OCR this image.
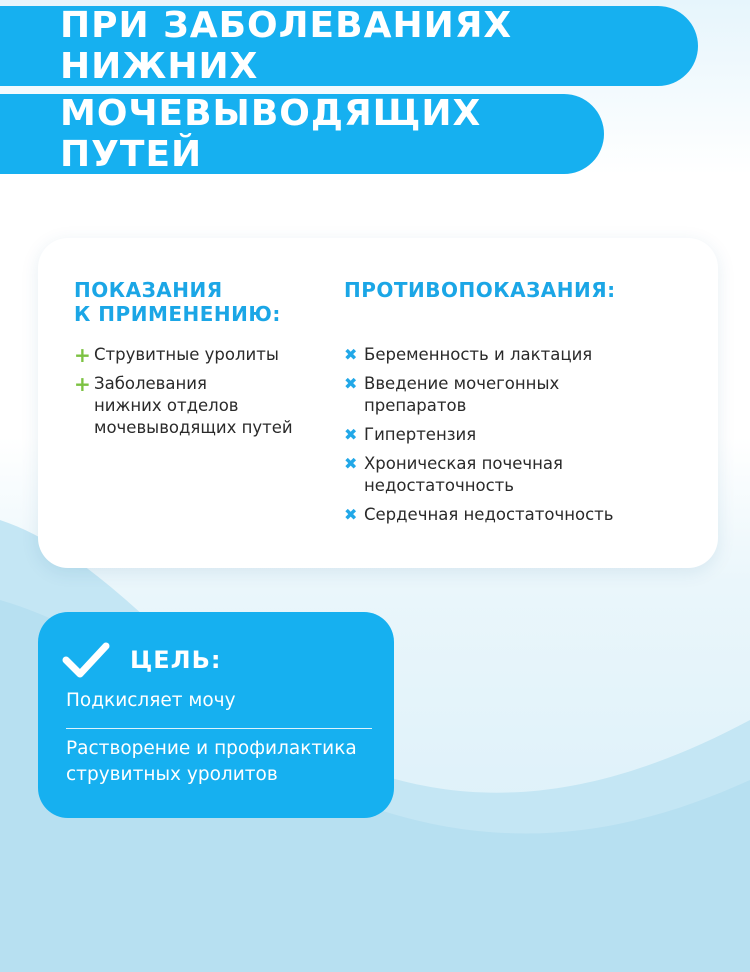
ПРИ ЗАБОЛЕВАНИЯХ НИЖНИХ
МОЧЕВЫВОДЯЩИХ ПУТЕЙ
ПОКАЗАНИЯ
К ПРИМЕНЕНИЮ:
+ Струвитные уролиты
+ Заболевания
нижних отделов
мочевыводящих путей
ПРОТИВОПОКАЗАНИЯ:
✖ Беременность и лактация
✖ Введение мочегонных
препаратов
✖ Гипертензия
✖ Хроническая почечная
недостаточность
✖ Сердечная недостаточность
ЦЕЛЬ:
Подкисляет мочу
Растворение и профилактика
струвитных уролитов
